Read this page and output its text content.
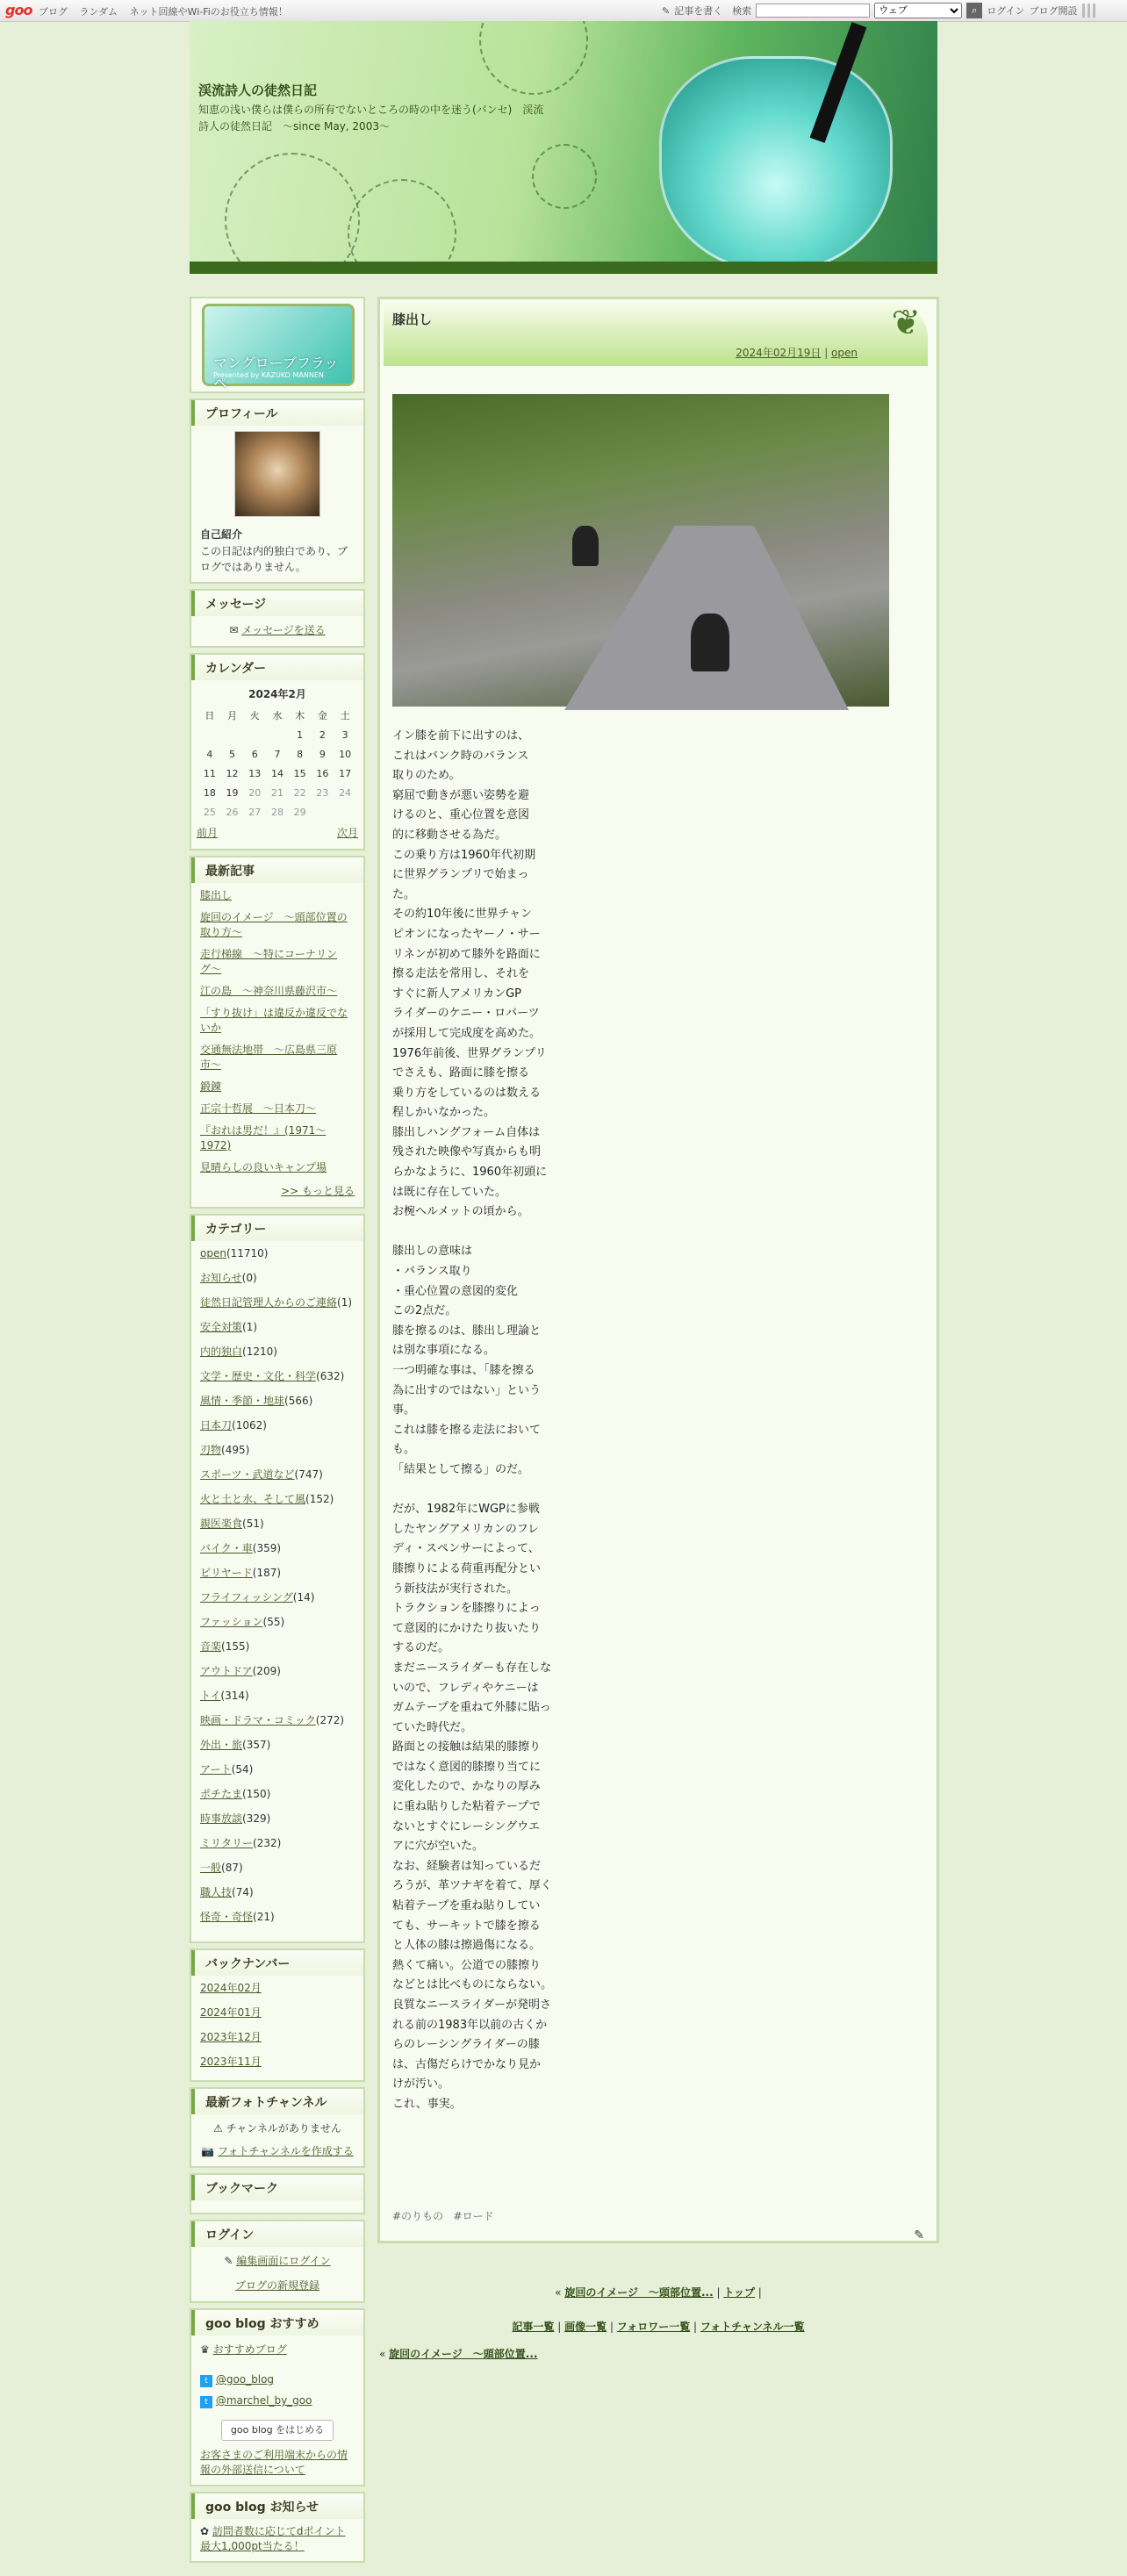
goo ブログ ランダム ネット回線やWi-Fiのお役立ち情報！	✎ 記事を書く 検索
ウェブ	⌕ ログイン ブログ開設
渓流詩人の徒然日記
知恵の浅い僕らは僕らの所有でないところの時の中を迷う(パンセ)　渓流詩人の徒然日記　〜since May, 2003〜
マングローブフラッペ
Presented by KAZUKO MANNEN
プロフィール
自己紹介
この日記は内的独白であり、ブログではありません。
メッセージ
✉ メッセージを送る
カレンダー
2024年2月
日	月	火	水	木	金	土
				1	2	3
4	5	6	7	8	9	10
11	12	13	14	15	16	17
18	19	20	21	22	23	24
25	26	27	28	29		
前月	次月
最新記事
膝出し
旋回のイメージ　〜頭部位置の取り方〜
走行梯線　〜特にコーナリング〜
江の島　〜神奈川県藤沢市〜
「すり抜け」は違反か違反でないか
交通無法地帯　〜広島県三原市〜
鍛錬
正宗十哲展　〜日本刀〜
『おれは男だ！』(1971〜1972)
見晴らしの良いキャンプ場
>> もっと見る
カテゴリー
open(11710)
お知らせ(0)
徒然日記管理人からのご連絡(1)
安全対策(1)
内的独白(1210)
文学・歴史・文化・科学(632)
風情・季節・地球(566)
日本刀(1062)
刃物(495)
スポーツ・武道など(747)
火と土と水、そして風(152)
親医楽食(51)
バイク・車(359)
ビリヤード(187)
フライフィッシング(14)
ファッション(55)
音楽(155)
アウトドア(209)
トイ(314)
映画・ドラマ・コミック(272)
外出・旅(357)
アート(54)
ポチたま(150)
時事放談(329)
ミリタリー(232)
一般(87)
職人技(74)
怪奇・奇怪(21)
バックナンバー
2024年02月
2024年01月
2023年12月
2023年11月
最新フォトチャンネル
⚠ チャンネルがありません
📷 フォトチャンネルを作成する
ブックマーク
ログイン
✎ 編集画面にログイン
ブログの新規登録
goo blog おすすめ
♛ おすすめブログ
t @goo_blog
t @marchel_by_goo
goo blog をはじめる
お客さまのご利用端末からの情報の外部送信について
goo blog お知らせ
✿ 訪問者数に応じてdポイント最大1,000pt当たる！
膝出し
2024年02月19日 | open
❦

イン膝を前下に出すのは、

これはバンク時のバランス

取りのため。

窮屈で動きが悪い姿勢を避

けるのと、重心位置を意図

的に移動させる為だ。

この乗り方は1960年代初期

に世界グランプリで始まっ

た。

その約10年後に世界チャン

ピオンになったヤーノ・サー

リネンが初めて膝外を路面に

擦る走法を常用し、それを

すぐに新人アメリカンGP

ライダーのケニー・ロバーツ

が採用して完成度を高めた。

1976年前後、世界グランプリ

でさえも、路面に膝を擦る

乗り方をしているのは数える

程しかいなかった。

膝出しハングフォーム自体は

残された映像や写真からも明

らかなように、1960年初頭に

は既に存在していた。

お椀ヘルメットの頃から。

膝出しの意味は

・バランス取り

・重心位置の意図的変化

この2点だ。

膝を擦るのは、膝出し理論と

は別な事項になる。

一つ明確な事は、「膝を擦る

為に出すのではない」という

事。

これは膝を擦る走法において

も。

「結果として擦る」のだ。

だが、1982年にWGPに参戦

したヤングアメリカンのフレ

ディ・スペンサーによって、

膝擦りによる荷重再配分とい

う新技法が実行された。

トラクションを膝擦りによっ

て意図的にかけたり抜いたり

するのだ。

まだニースライダーも存在しな

いので、フレディやケニーは

ガムテープを重ねて外膝に貼っ

ていた時代だ。

路面との接触は結果的膝擦り

ではなく意図的膝擦り当てに

変化したので、かなりの厚み

に重ね貼りした粘着テープで

ないとすぐにレーシングウエ

アに穴が空いた。

なお、経験者は知っているだ

ろうが、革ツナギを着て、厚く

粘着テープを重ね貼りしてい

ても、サーキットで膝を擦る

と人体の膝は擦過傷になる。

熱くて痛い。公道での膝擦り

などとは比べものにならない。

良質なニースライダーが発明さ

れる前の1983年以前の古くか

らのレーシングライダーの膝

は、古傷だらけでかなり見か

けが汚い。

これ、事実。

#のりもの #ロード
✎
« 旋回のイメージ　〜頭部位置... | トップ |
記事一覧 | 画像一覧 | フォロワー一覧 | フォトチャンネル一覧
« 旋回のイメージ　〜頭部位置...
